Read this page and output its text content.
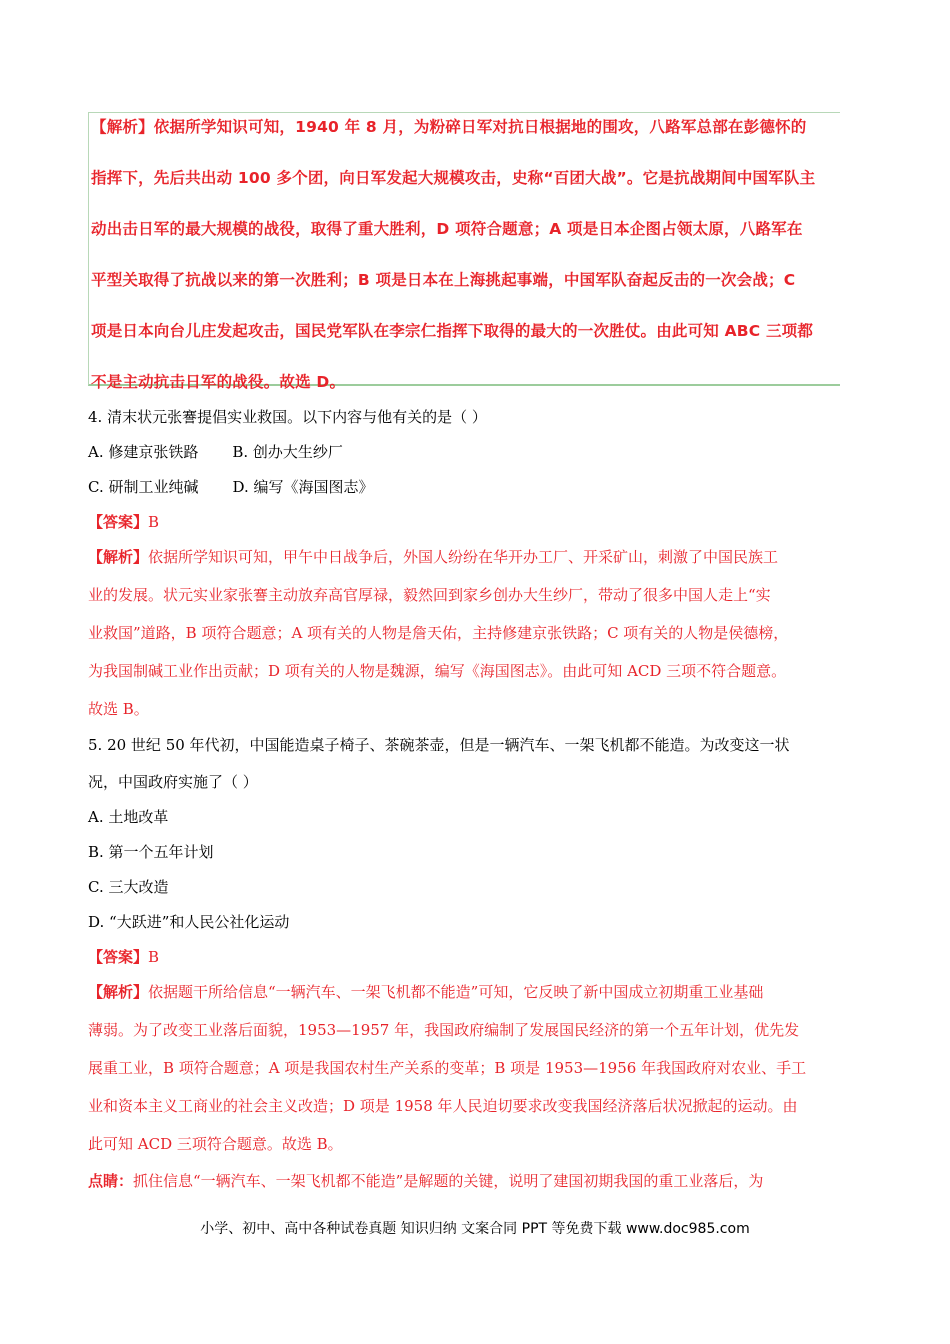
【解析】依据所学知识可知，1940 年 8 月，为粉碎日军对抗日根据地的围攻，八路军总部在彭德怀的

指挥下，先后共出动 100 多个团，向日军发起大规模攻击，史称“百团大战”。它是抗战期间中国军队主

动出击日军的最大规模的战役，取得了重大胜利，D 项符合题意；A 项是日本企图占领太原，八路军在

平型关取得了抗战以来的第一次胜利；B 项是日本在上海挑起事端，中国军队奋起反击的一次会战；C

项是日本向台儿庄发起攻击，国民党军队在李宗仁指挥下取得的最大的一次胜仗。由此可知 ABC 三项都

不是主动抗击日军的战役。故选 D。

4. 清末状元张謇提倡实业救国。以下内容与他有关的是（ ）
A. 修建京张铁路 B. 创办大生纱厂
C. 研制工业纯碱 D. 编写《海国图志》
【答案】B
【解析】依据所学知识可知，甲午中日战争后，外国人纷纷在华开办工厂、开采矿山，刺激了中国民族工
业的发展。状元实业家张謇主动放弃高官厚禄，毅然回到家乡创办大生纱厂，带动了很多中国人走上“实
业救国”道路，B 项符合题意；A 项有关的人物是詹天佑，主持修建京张铁路；C 项有关的人物是侯德榜，
为我国制碱工业作出贡献；D 项有关的人物是魏源，编写《海国图志》。由此可知 ACD 三项不符合题意。
故选 B。
5. 20 世纪 50 年代初，中国能造桌子椅子、茶碗茶壶，但是一辆汽车、一架飞机都不能造。为改变这一状
况，中国政府实施了（ ）
A. 土地改革
B. 第一个五年计划
C. 三大改造
D. “大跃进”和人民公社化运动
【答案】B
【解析】依据题干所给信息“一辆汽车、一架飞机都不能造”可知，它反映了新中国成立初期重工业基础
薄弱。为了改变工业落后面貌，1953—1957 年，我国政府编制了发展国民经济的第一个五年计划，优先发
展重工业，B 项符合题意；A 项是我国农村生产关系的变革；B 项是 1953—1956 年我国政府对农业、手工
业和资本主义工商业的社会主义改造；D 项是 1958 年人民迫切要求改变我国经济落后状况掀起的运动。由
此可知 ACD 三项符合题意。故选 B。
点睛：抓住信息“一辆汽车、一架飞机都不能造”是解题的关键，说明了建国初期我国的重工业落后，为
小学、初中、高中各种试卷真题 知识归纳 文案合同 PPT 等免费下载 www.doc985.com
